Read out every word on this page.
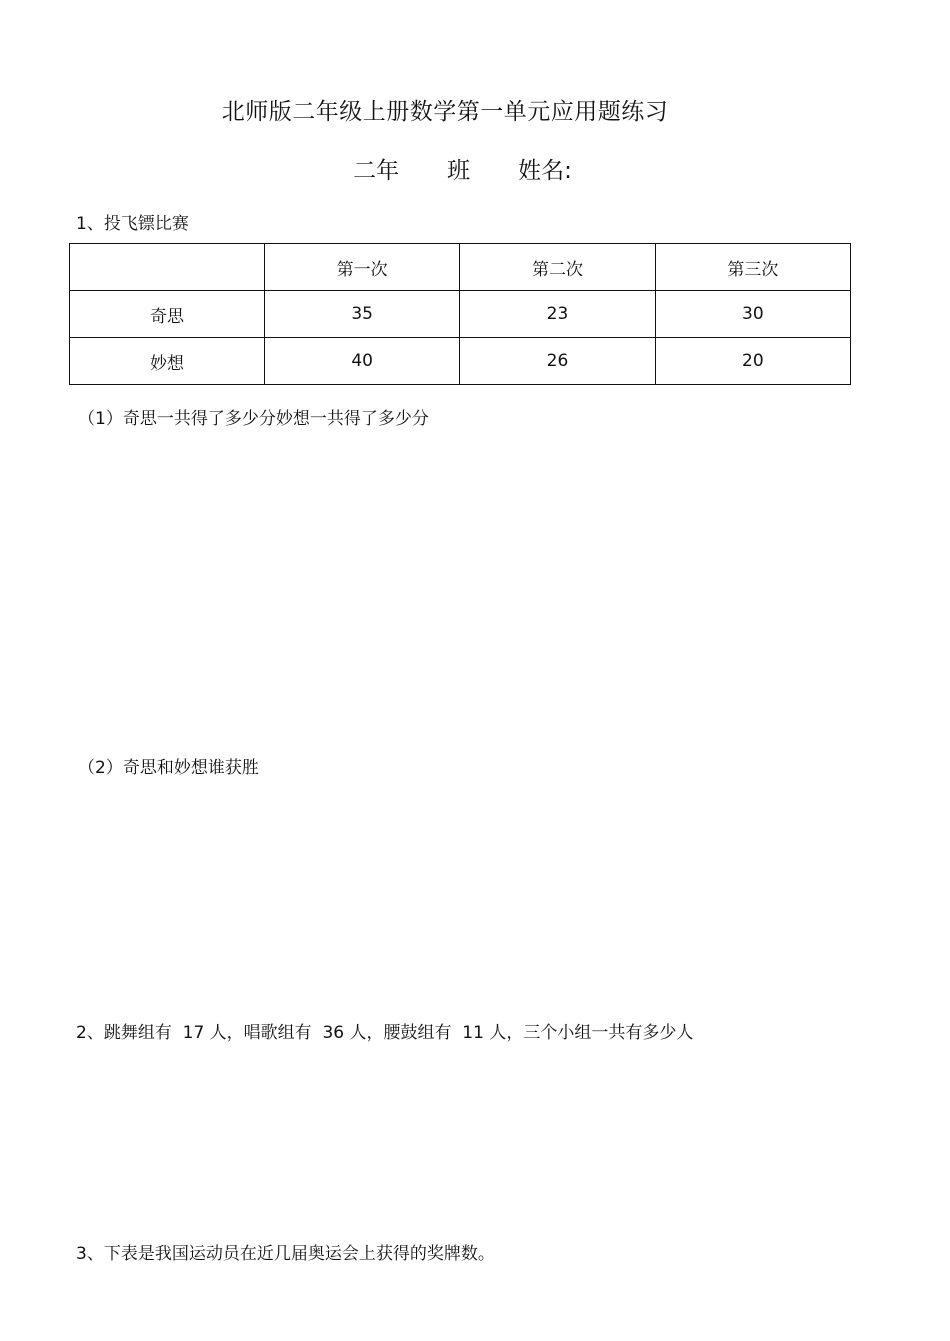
北师版二年级上册数学第一单元应用题练习
二年 班 姓名:
1、投飞镖比赛
	第一次	第二次	第三次
奇思	35	23	30
妙想	40	26	20
（1）奇思一共得了多少分妙想一共得了多少分
（2）奇思和妙想谁获胜
2、跳舞组有  17 人，唱歌组有  36 人，腰鼓组有  11 人，三个小组一共有多少人
3、下表是我国运动员在近几届奥运会上获得的奖牌数。
